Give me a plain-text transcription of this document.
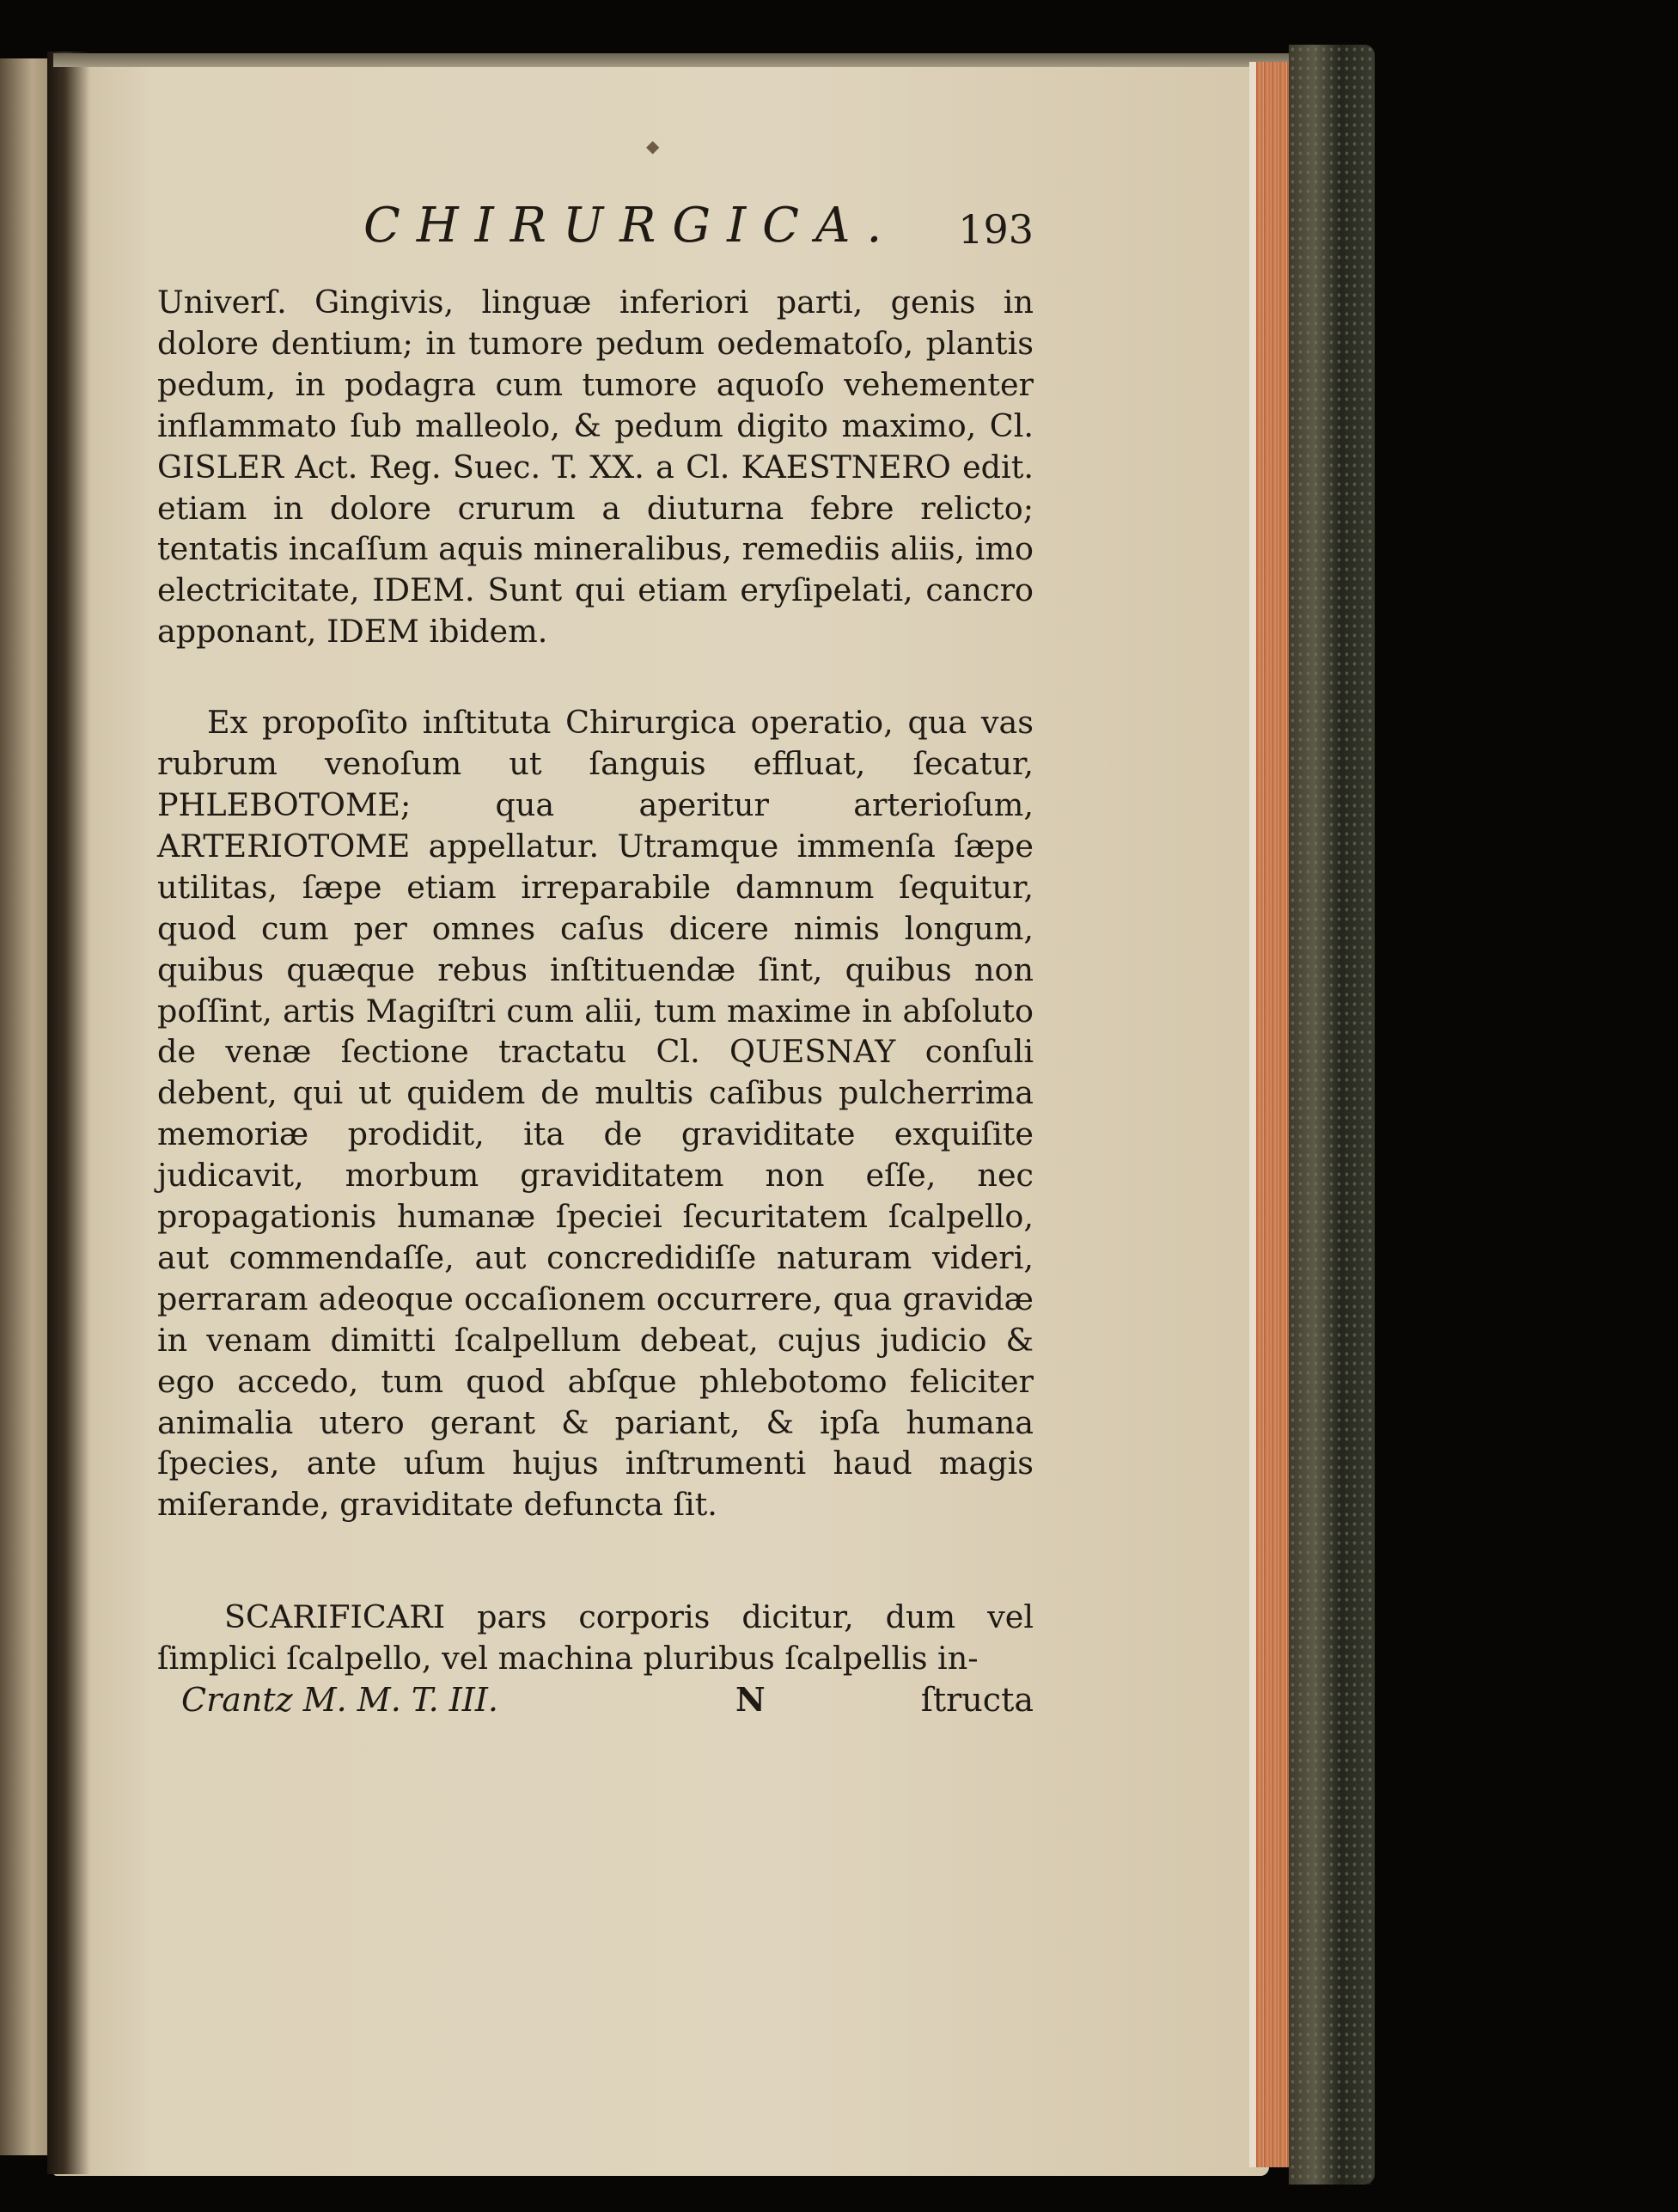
◆
CHIRURGICA. 193

Univerſ. Gingivis, linguæ inferiori parti, genis in dolore dentium; in tumore pedum oedematoſo, plantis pedum, in podagra cum tumore aquoſo vehementer inflammato ſub malleolo, & pedum digito maximo, Cl. GISLER Act. Reg. Suec. T. XX. a Cl. KAESTNERO edit. etiam in dolore crurum a diuturna febre relicto; tentatis incaſſum aquis mineralibus, remediis aliis, imo electricitate, IDEM. Sunt qui etiam eryſipelati, cancro apponant, IDEM ibidem.

Ex propoſito inſtituta Chirurgica operatio, qua vas rubrum venoſum ut ſanguis effluat, ſecatur, PHLEBOTOME; qua aperitur arterioſum, ARTERIOTOME appellatur. Utramque immenſa ſæpe utilitas, ſæpe etiam irreparabile damnum ſequitur, quod cum per omnes caſus dicere nimis longum, quibus quæque rebus inſtituendæ ſint, quibus non poſſint, artis Magiſtri cum alii, tum maxime in abſoluto de venæ ſectione tractatu Cl. QUESNAY conſuli debent, qui ut quidem de multis caſibus pulcherrima memoriæ prodidit, ita de graviditate exquiſite judicavit, morbum graviditatem non eſſe, nec propagationis humanæ ſpeciei ſecuritatem ſcalpello, aut commendaſſe, aut concredidiſſe naturam videri, perraram adeoque occaſionem occurrere, qua gravidæ in venam dimitti ſcalpellum debeat, cujus judicio & ego accedo, tum quod abſque phlebotomo feliciter animalia utero gerant & pariant, & ipſa humana ſpecies, ante uſum hujus inſtrumenti haud magis miſerande, graviditate defuncta ſit.

SCARIFICARI pars corporis dicitur, dum vel ſimplici ſcalpello, vel machina pluribus ſcalpellis in-

Crantz M. M. T. III.	N	ſtructa
